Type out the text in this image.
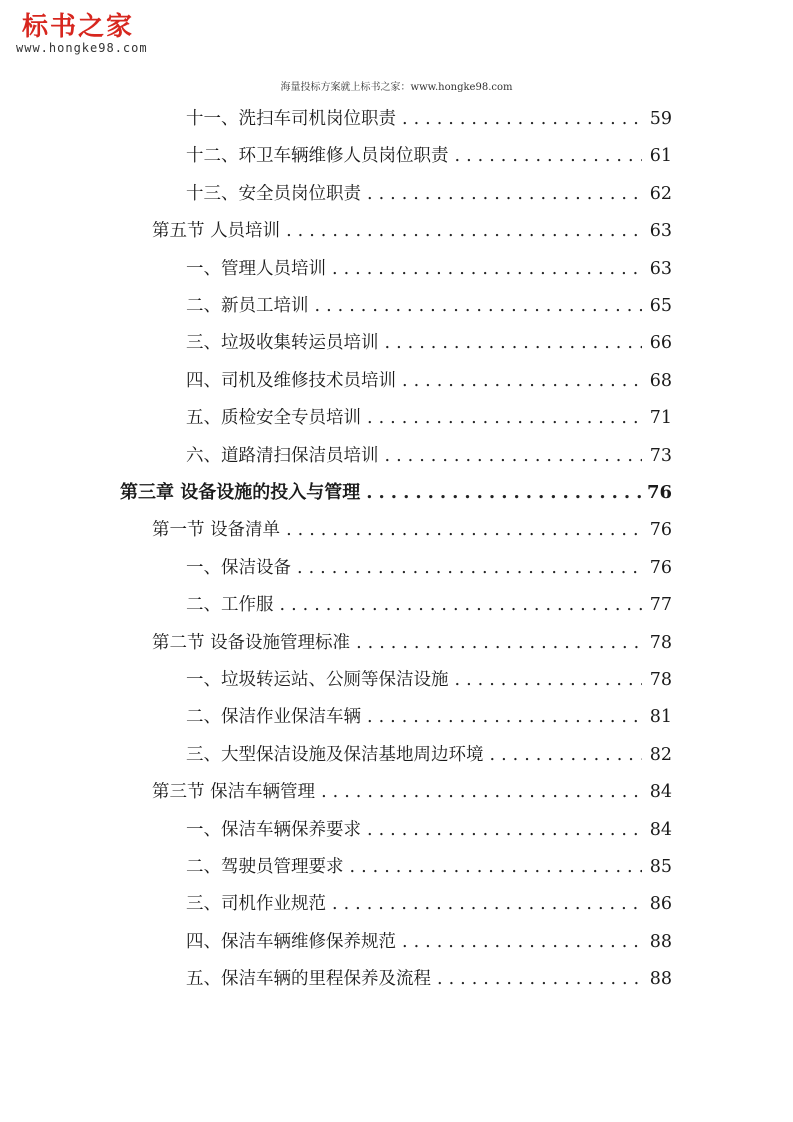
标书之家
www.hongke98.com
海量投标方案就上标书之家：www.hongke98.com
十一、洗扫车司机岗位职责 .....	59
十二、环卫车辆维修人员岗位职责 .....	61
十三、安全员岗位职责 .....	62
第五节 人员培训 .....	63
一、管理人员培训 .....	63
二、新员工培训 .....	65
三、垃圾收集转运员培训 .....	66
四、司机及维修技术员培训 .....	68
五、质检安全专员培训 .....	71
六、道路清扫保洁员培训 .....	73
第三章 设备设施的投入与管理 .....	76
第一节 设备清单 .....	76
一、保洁设备 .....	76
二、工作服 .....	77
第二节 设备设施管理标准 .....	78
一、垃圾转运站、公厕等保洁设施 .....	78
二、保洁作业保洁车辆 .....	81
三、大型保洁设施及保洁基地周边环境 .....	82
第三节 保洁车辆管理 .....	84
一、保洁车辆保养要求 .....	84
二、驾驶员管理要求 .....	85
三、司机作业规范 .....	86
四、保洁车辆维修保养规范 .....	88
五、保洁车辆的里程保养及流程 .....	88
